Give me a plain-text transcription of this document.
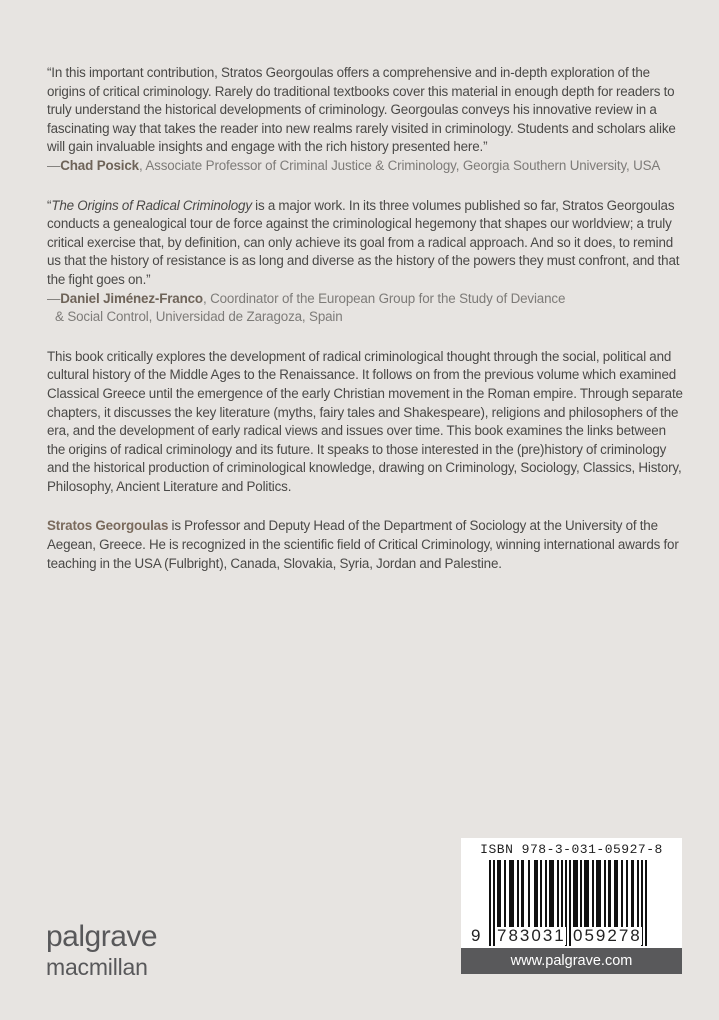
“In this important contribution, Stratos Georgoulas offers a comprehensive and in-depth exploration of the origins of critical criminology. Rarely do traditional textbooks cover this material in enough depth for readers to truly understand the historical developments of criminology. Georgoulas conveys his innovative review in a fascinating way that takes the reader into new realms rarely visited in criminology. Students and scholars alike will gain invaluable insights and engage with the rich history presented here.”

—Chad Posick, Associate Professor of Criminal Justice & Criminology, Georgia Southern University, USA

“The Origins of Radical Criminology is a major work. In its three volumes published so far, Stratos Georgoulas conducts a genealogical tour de force against the criminological hegemony that shapes our worldview; a truly critical exercise that, by definition, can only achieve its goal from a radical approach. And so it does, to remind us that the history of resistance is as long and diverse as the history of the powers they must confront, and that the fight goes on.”

—Daniel Jiménez-Franco, Coordinator of the European Group for the Study of Deviance
& Social Control, Universidad de Zaragoza, Spain

This book critically explores the development of radical criminological thought through the social, political and cultural history of the Middle Ages to the Renaissance. It follows on from the previous volume which examined Classical Greece until the emergence of the early Christian movement in the Roman empire. Through separate chapters, it discusses the key literature (myths, fairy tales and Shakespeare), religions and philosophers of the era, and the development of early radical views and issues over time. This book examines the links between the origins of radical criminology and its future. It speaks to those interested in the (pre)history of criminology and the historical production of criminological knowledge, drawing on Criminology, Sociology, Classics, History, Philosophy, Ancient Literature and Politics.

Stratos Georgoulas is Professor and Deputy Head of the Department of Sociology at the University of the Aegean, Greece. He is recognized in the scientific field of Critical Criminology, winning international awards for teaching in the USA (Fulbright), Canada, Slovakia, Syria, Jordan and Palestine.

palgrave
macmillan
ISBN 978-3-031-05927-8
9 783031 059278
www.palgrave.com
